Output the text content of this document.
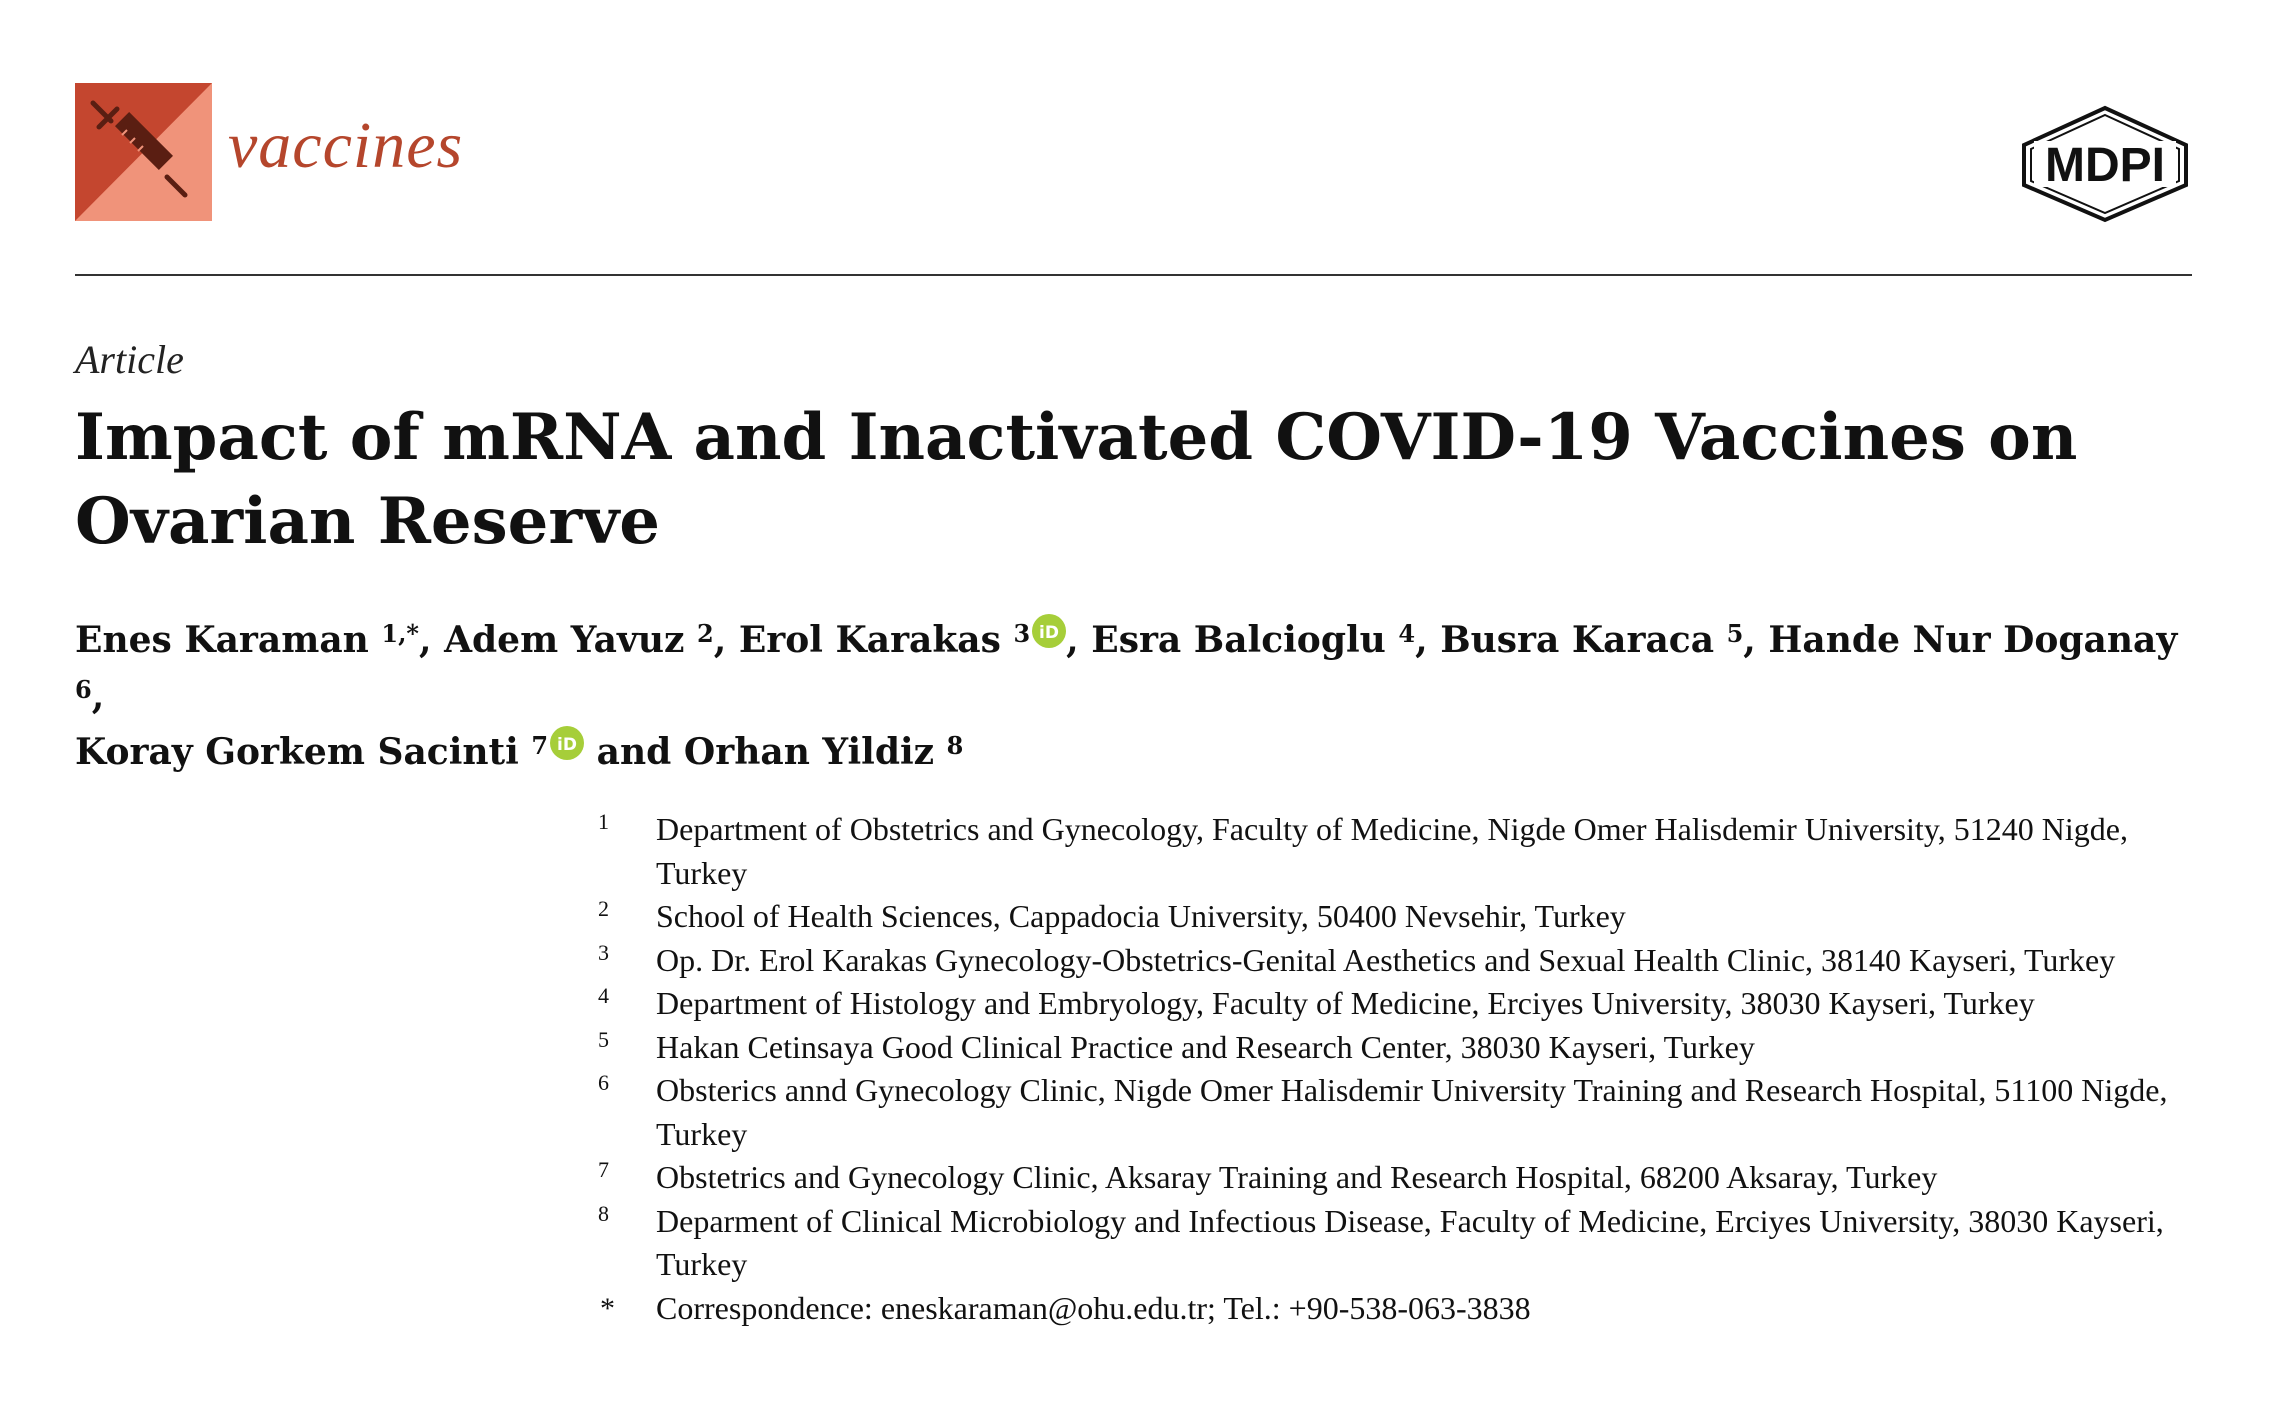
vaccines	MDPI
Article
Impact of mRNA and Inactivated COVID-19 Vaccines on
Ovarian Reserve
Enes Karaman $^{1,*}$, Adem Yavuz $^2$, Erol Karakas $^3$ iD , Esra Balcioglu $^4$, Busra Karaca $^5$, Hande Nur Doganay $^6$,
Koray Gorkem Sacinti $^7$ iD and Orhan Yildiz $^8$
1 Department of Obstetrics and Gynecology, Faculty of Medicine, Nigde Omer Halisdemir University, 51240 Nigde, Turkey
2 School of Health Sciences, Cappadocia University, 50400 Nevsehir, Turkey
3 Op. Dr. Erol Karakas Gynecology-Obstetrics-Genital Aesthetics and Sexual Health Clinic, 38140 Kayseri, Turkey
4 Department of Histology and Embryology, Faculty of Medicine, Erciyes University, 38030 Kayseri, Turkey
5 Hakan Cetinsaya Good Clinical Practice and Research Center, 38030 Kayseri, Turkey
6 Obsterics annd Gynecology Clinic, Nigde Omer Halisdemir University Training and Research Hospital, 51100 Nigde, Turkey
7 Obstetrics and Gynecology Clinic, Aksaray Training and Research Hospital, 68200 Aksaray, Turkey
8 Deparment of Clinical Microbiology and Infectious Disease, Faculty of Medicine, Erciyes University, 38030 Kayseri, Turkey
* Correspondence: eneskaraman@ohu.edu.tr; Tel.: +90-538-063-3838
